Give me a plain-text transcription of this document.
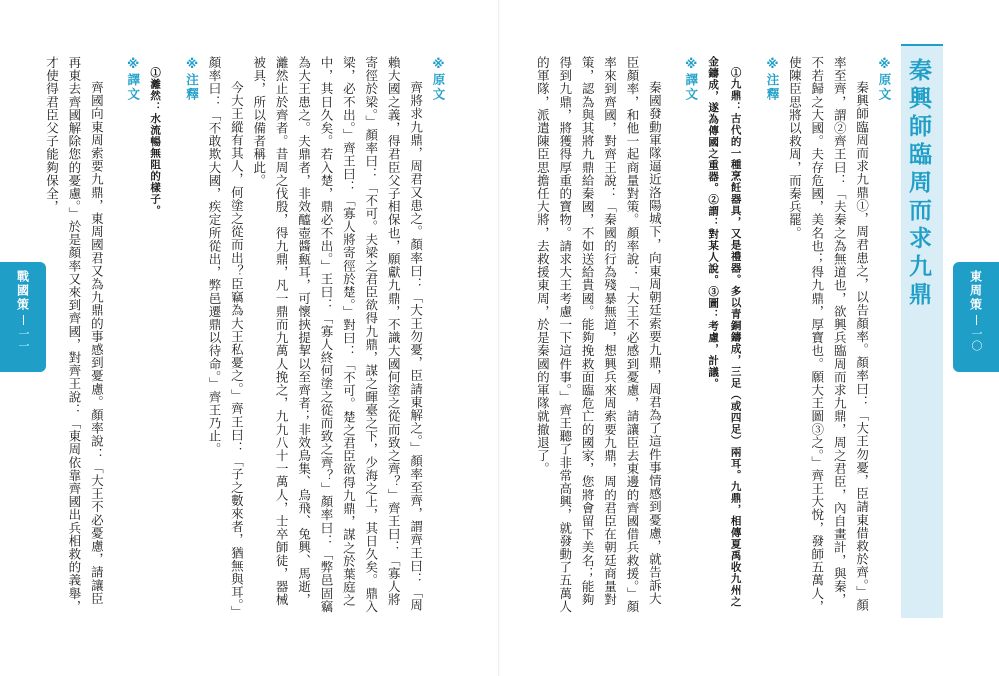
※原文

齊將求九鼎，周君又患之。顏率曰：「大王勿憂，臣請東解之。」顏率至齊，謂齊王曰：「周賴大國之義，得君臣父子相保也，願獻九鼎，不識大國何塗之從而致之齊？」齊王曰：「寡人將寄徑於梁。」顏率曰：「不可。夫梁之君臣欲得九鼎，謀之暉臺之下，少海之上，其日久矣。鼎入梁，必不出。」齊王曰：「寡人將寄徑於楚。」對曰：「不可。楚之君臣欲得九鼎，謀之於葉庭之中，其日久矣。若入楚，鼎必不出。」王曰：「寡人終何塗之從而致之齊？」顏率曰：「弊邑固竊為大王患之。夫鼎者，非效醯壺醬甀耳，可懷挾提挈以至齊者；非效鳥集、烏飛、兔興、馬逝，灕然止於齊者。昔周之伐殷，得九鼎，凡一鼎而九萬人挽之，九九八十一萬人，士卒師徒，器械被具，所以備者稱此。

今大王縱有其人，何塗之從而出？臣竊為大王私憂之。」齊王曰：「子之數來者，猶無與耳。」顏率曰：「不敢欺大國，疾定所從出，弊邑遷鼎以待命。」齊王乃止。

※注釋

①灕然：水流暢無阻的樣子。

※譯文

齊國向東周索要九鼎，東周國君又為九鼎的事感到憂慮。顏率說：「大王不必憂慮，請讓臣再東去齊國解除您的憂慮。」於是顏率又來到齊國，對齊王說：「東周依靠齊國出兵相救的義舉，才使得君臣父子能夠保全，

戰國策
一一
秦興師臨周而求九鼎

※原文

秦興師臨周而求九鼎①，周君患之，以告顏率。顏率曰：「大王勿憂，臣請東借救於齊。」顏率至齊，謂②齊王曰：「夫秦之為無道也，欲興兵臨周而求九鼎，周之君臣，內自畫計，與秦，不若歸之大國。夫存危國，美名也；得九鼎，厚寶也。願大王圖③之。」齊王大悅，發師五萬人，使陳臣思將以救周，而秦兵罷。

※注釋

①九鼎：古代的一種烹飪器具，又是禮器。多以青銅鑄成，三足（或四足）兩耳。九鼎，相傳夏禹收九州之金鑄成，遂為傳國之重器。②謂：對某人說。③圖：考慮，計議。

※譯文

秦國發動軍隊逼近洛陽城下，向東周朝廷索要九鼎，周君為了這件事情感到憂慮，就告訴大臣顏率，和他一起商量對策。顏率說：「大王不必感到憂慮，請讓臣去東邊的齊國借兵救援。」顏率來到齊國，對齊王說：「秦國的行為殘暴無道，想興兵來周索要九鼎，周的君臣在朝廷商量對策，認為與其將九鼎給秦國，不如送給貴國。能夠挽救面臨危亡的國家，您將會留下美名；能夠得到九鼎，將獲得厚重的寶物。請求大王考慮一下這件事。」齊王聽了非常高興，就發動了五萬人的軍隊，派遣陳臣思擔任大將，去救援東周，於是秦國的軍隊就撤退了。	東周策
一〇
